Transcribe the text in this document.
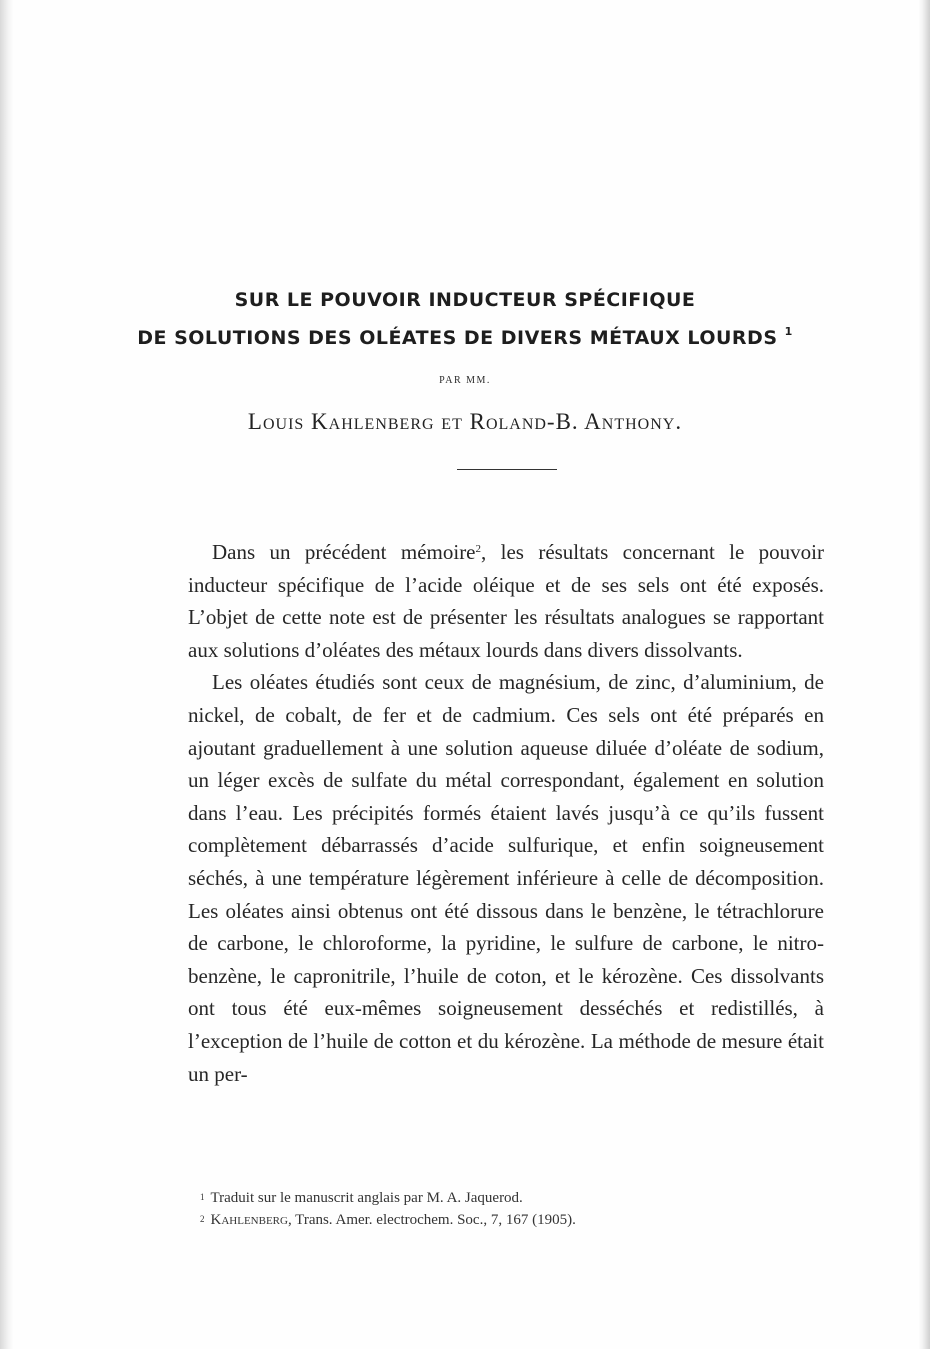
SUR LE POUVOIR INDUCTEUR SPÉCIFIQUE
DE SOLUTIONS DES OLÉATES DE DIVERS MÉTAUX LOURDS $^1$
PAR MM.
Louis Kahlenberg et Roland-B. Anthony.

Dans un précédent mémoire$^2$, les résultats concernant le pouvoir inducteur spécifique de l’acide oléique et de ses sels ont été exposés. L’objet de cette note est de présenter les résultats analogues se rapportant aux solutions d’oléates des métaux lourds dans divers dissolvants.

Les oléates étudiés sont ceux de magnésium, de zinc, d’aluminium, de nickel, de cobalt, de fer et de cadmium. Ces sels ont été préparés en ajoutant graduellement à une solution aqueuse diluée d’oléate de sodium, un léger excès de sulfate du métal correspondant, également en solution dans l’eau. Les précipités formés étaient lavés jusqu’à ce qu’ils fussent complètement débarrassés d’acide sulfurique, et enfin soigneusement séchés, à une température légèrement inférieure à celle de décomposition. Les oléates ainsi obtenus ont été dissous dans le benzène, le tétrachlorure de carbone, le chloroforme, la pyridine, le sulfure de carbone, le nitro-benzène, le capronitrile, l’huile de coton, et le kérozène. Ces dissolvants ont tous été eux-mêmes soigneusement desséchés et redistillés, à l’exception de l’huile de cotton et du kérozène. La méthode de mesure était un per-

$^1$ Traduit sur le manuscrit anglais par M. A. Jaquerod.

$^2$ Kahlenberg, Trans. Amer. electrochem. Soc., 7, 167 (1905).
